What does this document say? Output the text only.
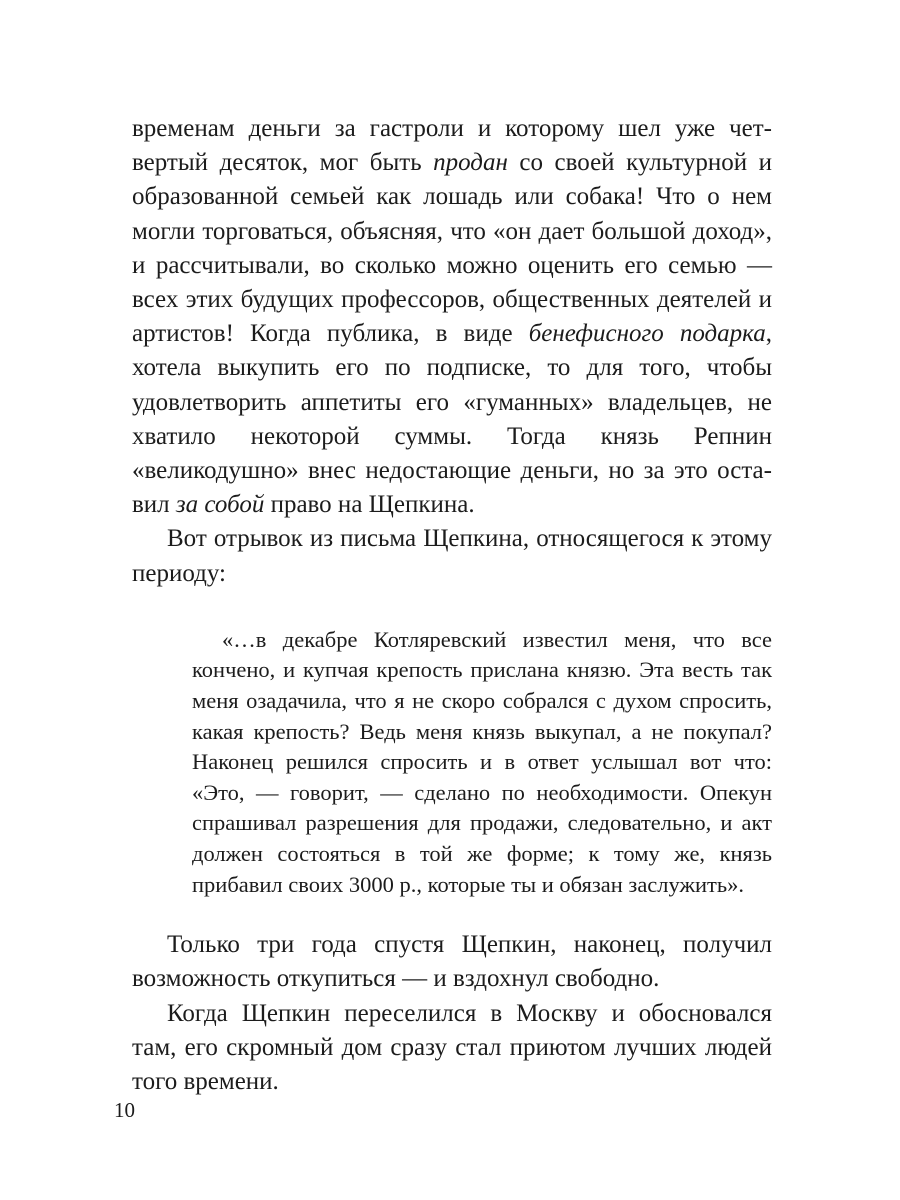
временам деньги за гастроли и которому шел уже четвертый десяток, мог быть продан со своей культурной и образованной семьей как лошадь или собака! Что о нем могли торговаться, объясняя, что «он дает большой доход», и рассчитывали, во сколько можно оценить его семью — всех этих будущих профессоров, общественных деятелей и артистов! Когда публика, в виде бенефисного подарка, хотела выкупить его по подписке, то для того, чтобы удовлетворить аппетиты его «гуманных» владельцев, не хватило некоторой суммы. Тогда князь Репнин «великодушно» внес недостающие деньги, но за это оставил за собой право на Щепкина.

Вот отрывок из письма Щепкина, относящегося к этому периоду:

«…в декабре Котляревский известил меня, что все кончено, и купчая крепость прислана князю. Эта весть так меня озадачила, что я не скоро собрался с духом спросить, какая крепость? Ведь меня князь выкупал, а не покупал? Наконец решился спросить и в ответ услышал вот что: «Это, — говорит, — сделано по необходимости. Опекун спрашивал разрешения для продажи, следовательно, и акт должен состояться в той же форме; к тому же, князь прибавил своих 3000 р., которые ты и обязан заслужить».

Только три года спустя Щепкин, наконец, получил возможность откупиться — и вздохнул свободно.

Когда Щепкин переселился в Москву и обосновался там, его скромный дом сразу стал приютом лучших людей того времени.

10
